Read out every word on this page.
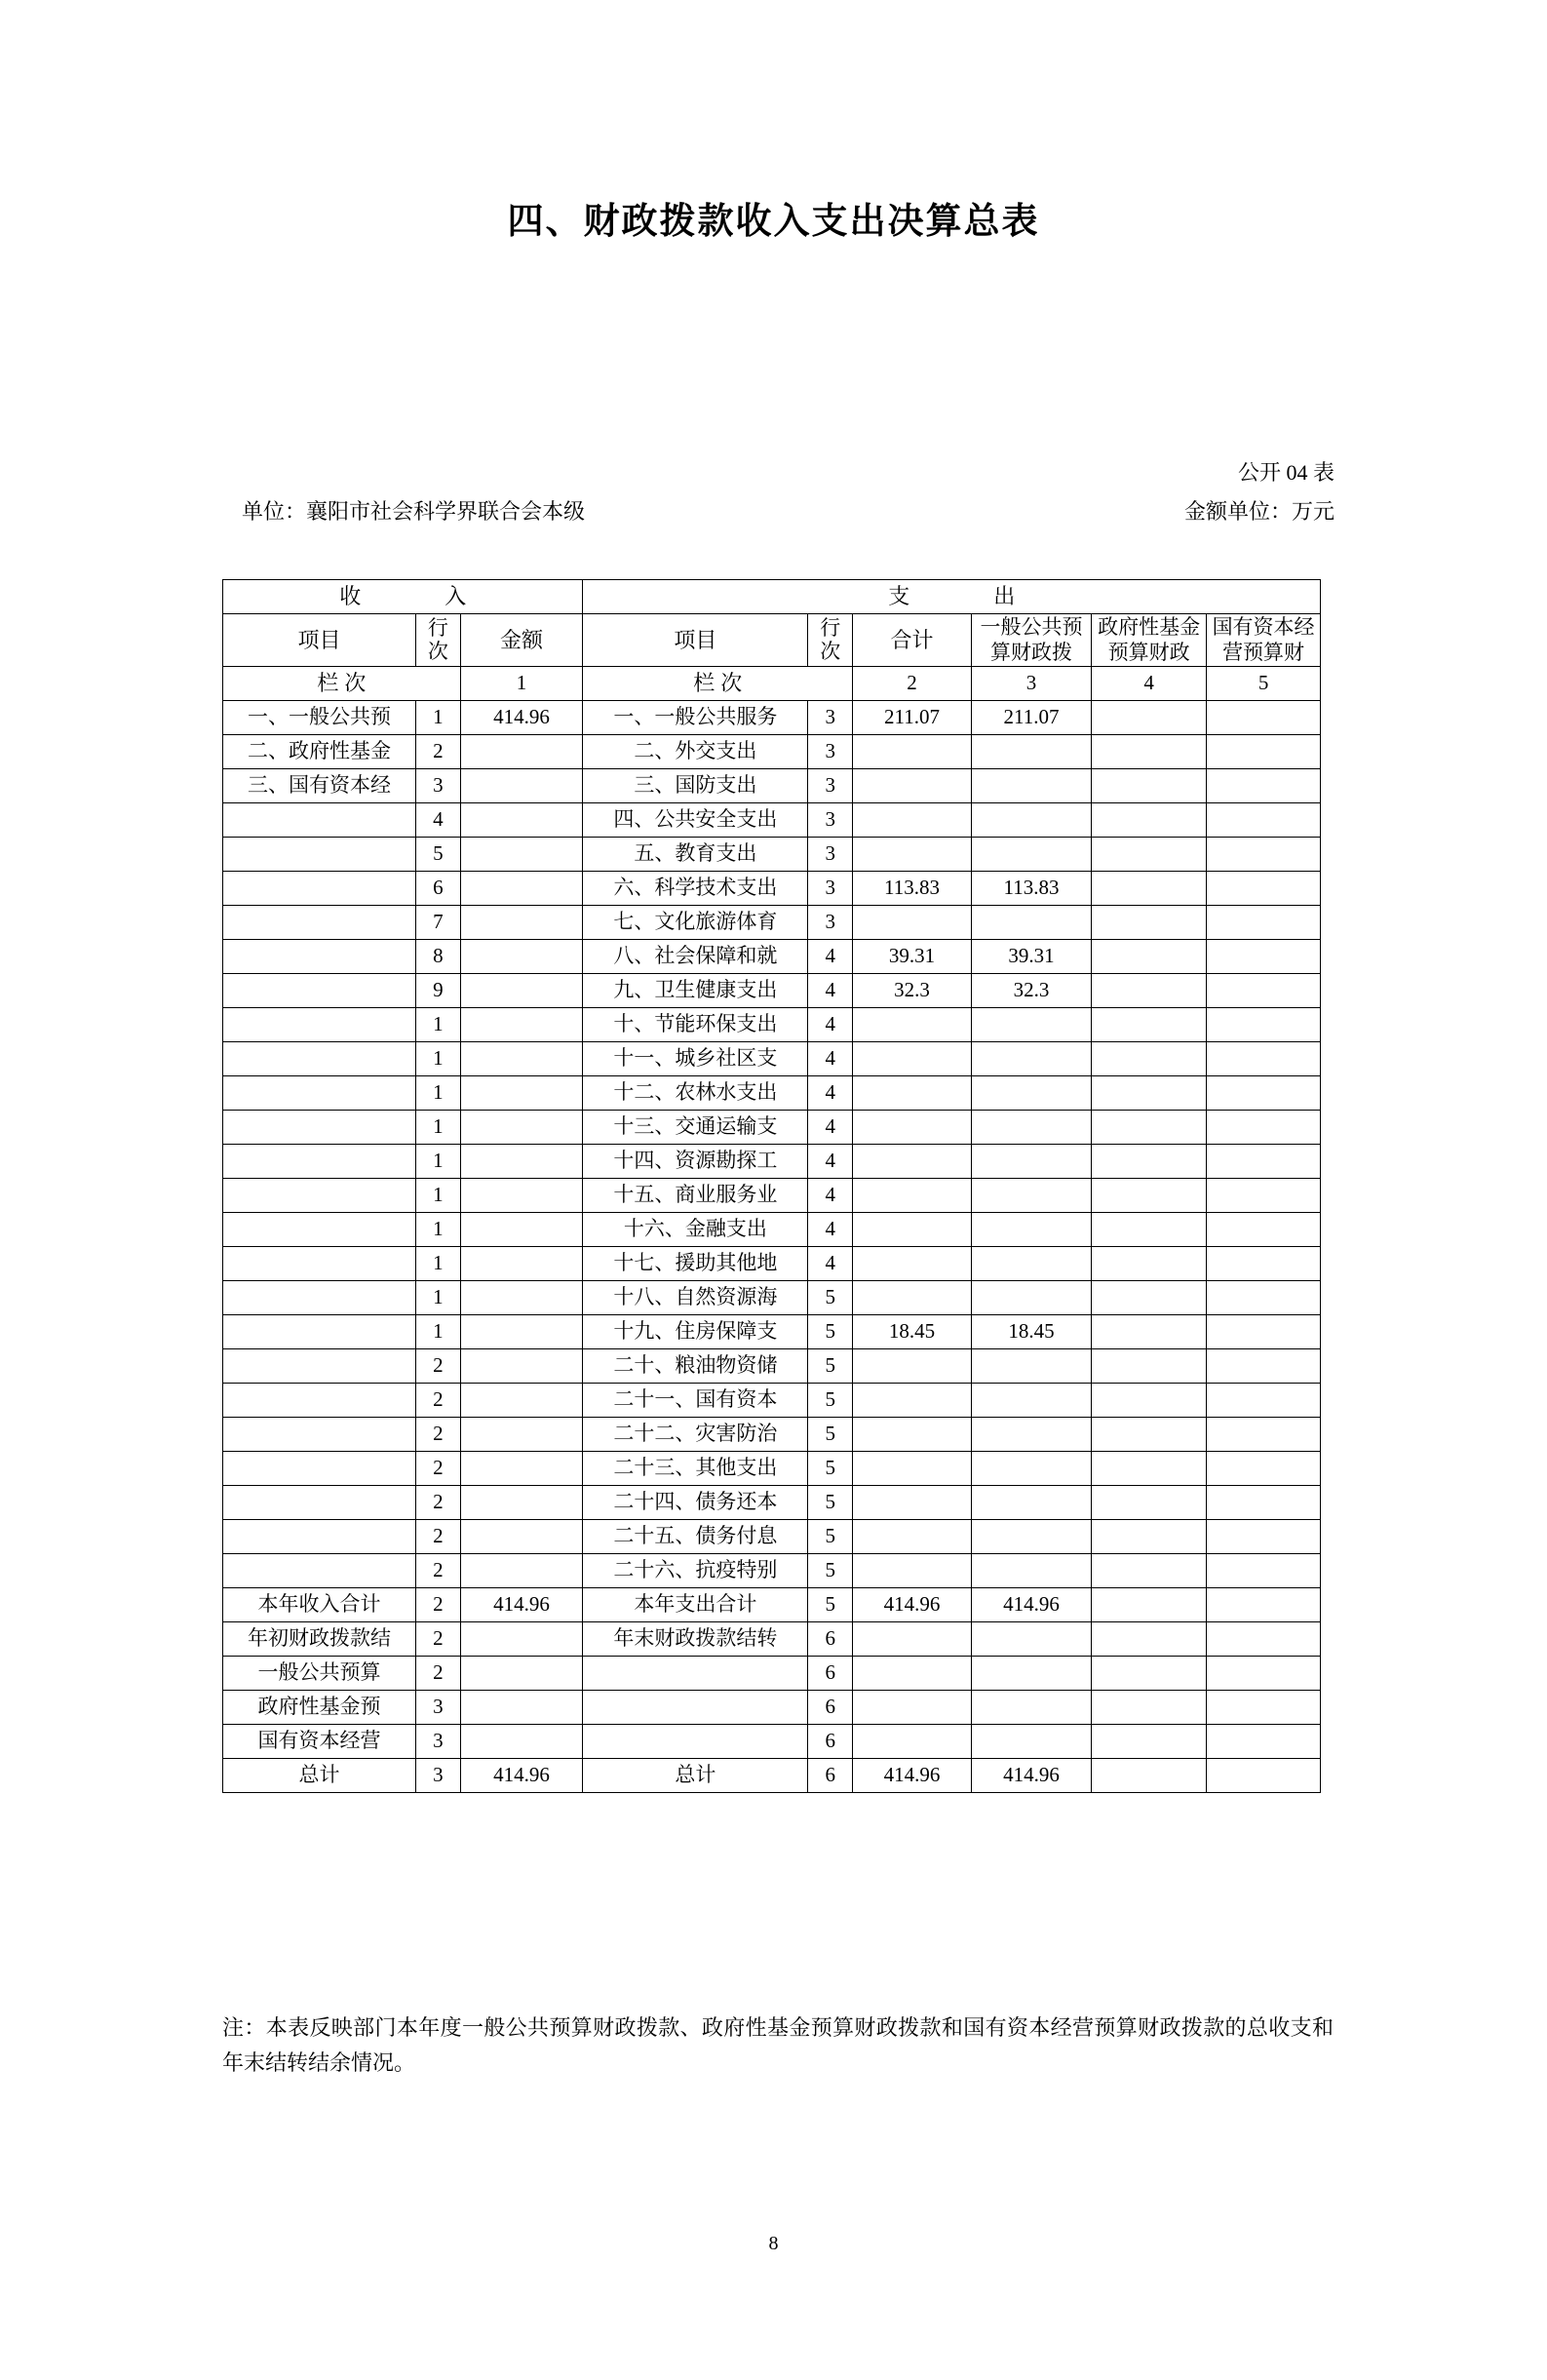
四、财政拨款收入支出决算总表
公开 04 表
单位：襄阳市社会科学界联合会本级	金额单位：万元
收　　入			支　　出					
项目	行次	金额	项目	行次	合计	一般公共预算财政拨	政府性基金预算财政	国有资本经营预算财
栏次		1	栏次		2	3	4	5
一、一般公共预	1	414.96	一、一般公共服务	3	211.07	211.07		
二、政府性基金	2		二、外交支出	3				
三、国有资本经	3		三、国防支出	3				
	4		四、公共安全支出	3				
	5		五、教育支出	3				
	6		六、科学技术支出	3	113.83	113.83		
	7		七、文化旅游体育	3				
	8		八、社会保障和就	4	39.31	39.31		
	9		九、卫生健康支出	4	32.3	32.3		
	1		十、节能环保支出	4				
	1		十一、城乡社区支	4				
	1		十二、农林水支出	4				
	1		十三、交通运输支	4				
	1		十四、资源勘探工	4				
	1		十五、商业服务业	4				
	1		十六、金融支出	4				
	1		十七、援助其他地	4				
	1		十八、自然资源海	5				
	1		十九、住房保障支	5	18.45	18.45		
	2		二十、粮油物资储	5				
	2		二十一、国有资本	5				
	2		二十二、灾害防治	5				
	2		二十三、其他支出	5				
	2		二十四、债务还本	5				
	2		二十五、债务付息	5				
	2		二十六、抗疫特别	5				
本年收入合计	2	414.96	本年支出合计	5	414.96	414.96		
年初财政拨款结	2		年末财政拨款结转	6				
一般公共预算	2			6				
政府性基金预	3			6				
国有资本经营	3			6				
总计	3	414.96	总计	6	414.96	414.96		
注：本表反映部门本年度一般公共预算财政拨款、政府性基金预算财政拨款和国有资本经营预算财政拨款的总收支和年末结转结余情况。
8
